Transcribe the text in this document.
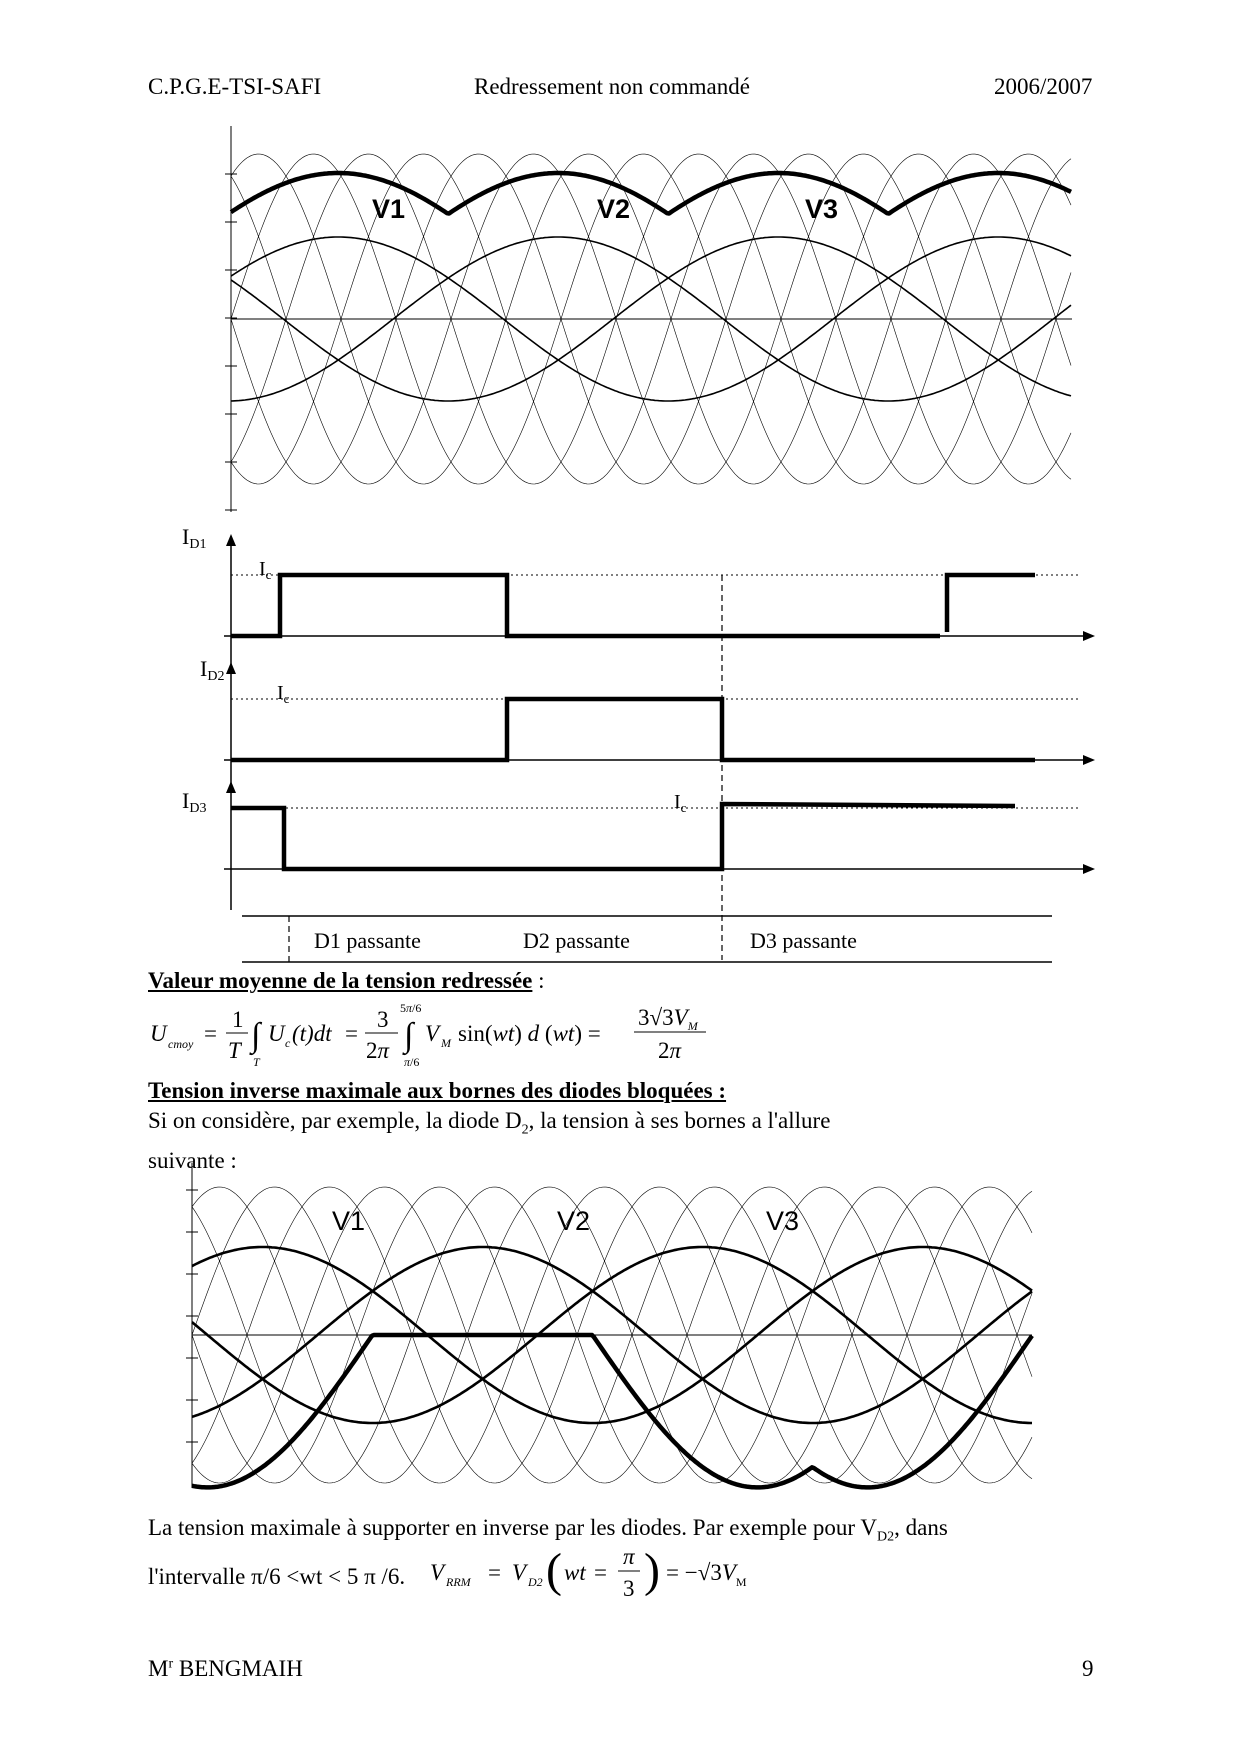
C.P.G.E-TSI-SAFI	Redressement non commandé	2006/2007
V1	V2	V3
ID1
$I_c$
ID2
$I_c$
ID3	$I_c$
D1 passante	D2 passante	D3 passante
Valeur moyenne de la tension redressée :
U cmoy =
1
T ∫
T
U c (t)dt =
3
2π
5π/6
∫
π/6
V M sin(wt) d (wt) =
$3√3V_M$
2π
Tension inverse maximale aux bornes des diodes bloquées :
Si on considère, par exemple, la diode $D_2$, la tension à ses bornes a l'allure
suivante :
V1	V2	V3
La tension maximale à supporter en inverse par les diodes. Par exemple pour $V_{D2}$, dans
l'intervalle π/6 <wt < 5 π /6. V RRM = V D2 ( wt =
π
3 ) = $-√3V_M$
$M^r$ BENGMAIH	9
